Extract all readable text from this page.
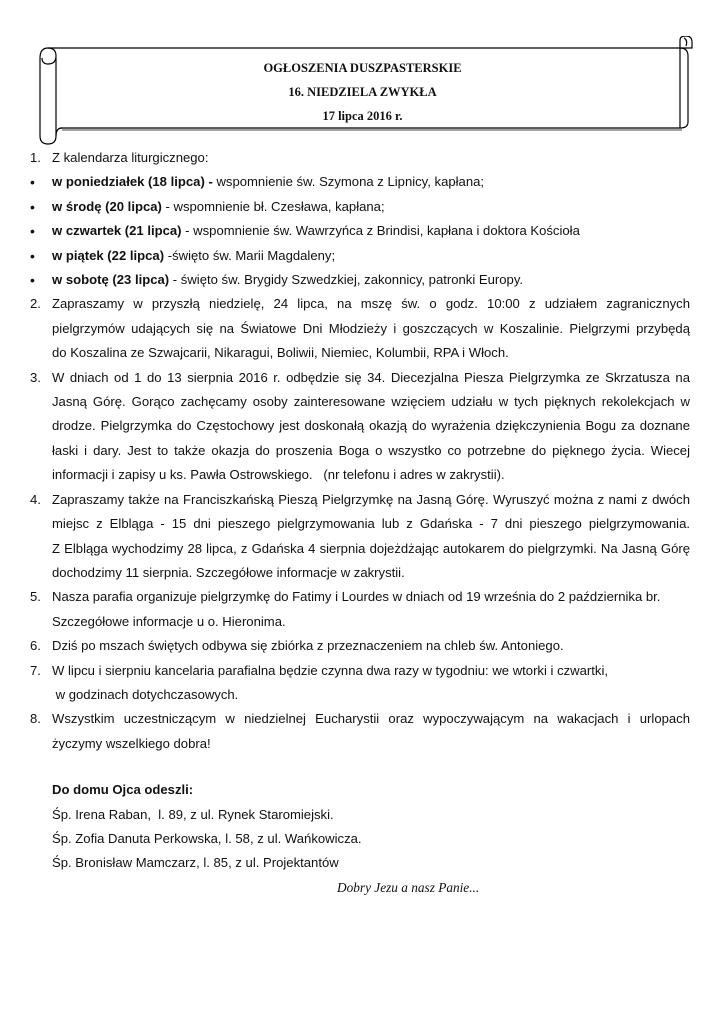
OGŁOSZENIA DUSZPASTERSKIE
16. NIEDZIELA ZWYKŁA
17 lipca 2016 r.
1. Z kalendarza liturgicznego:
•	w poniedziałek (18 lipca) - wspomnienie św. Szymona z Lipnicy, kapłana;
•	w środę (20 lipca) - wspomnienie bł. Czesława, kapłana;
•	w czwartek (21 lipca) - wspomnienie św. Wawrzyńca z Brindisi, kapłana i doktora Kościoła
•	w piątek (22 lipca) -święto św. Marii Magdaleny;
•	w sobotę (23 lipca) - święto św. Brygidy Szwedzkiej, zakonnicy, patronki Europy.
2. Zapraszamy w przyszłą niedzielę, 24 lipca, na mszę św. o godz. 10:00 z udziałem zagranicznych
pielgrzymów udających się na Światowe Dni Młodzieży i goszczących w Koszalinie. Pielgrzymi przybędą
do Koszalina ze Szwajcarii, Nikaragui, Boliwii, Niemiec, Kolumbii, RPA i Włoch.
3. W dniach od 1 do 13 sierpnia 2016 r. odbędzie się 34. Diecezjalna Piesza Pielgrzymka ze Skrzatusza na
Jasną Górę. Gorąco zachęcamy osoby zainteresowane wzięciem udziału w tych pięknych rekolekcjach w
drodze. Pielgrzymka do Częstochowy jest doskonałą okazją do wyrażenia dziękczynienia Bogu za doznane
łaski i dary. Jest to także okazja do proszenia Boga o wszystko co potrzebne do pięknego życia. Wiecej
informacji i zapisy u ks. Pawła Ostrowskiego.   (nr telefonu i adres w zakrystii).
4. Zapraszamy także na Franciszkańską Pieszą Pielgrzymkę na Jasną Górę. Wyruszyć można z nami z dwóch
miejsc z Elbląga - 15 dni pieszego pielgrzymowania lub z Gdańska - 7 dni pieszego pielgrzymowania.
Z Elbląga wychodzimy 28 lipca, z Gdańska 4 sierpnia dojeżdżając autokarem do pielgrzymki. Na Jasną Górę
dochodzimy 11 sierpnia. Szczegółowe informacje w zakrystii.
5. Nasza parafia organizuje pielgrzymkę do Fatimy i Lourdes w dniach od 19 września do 2 października br.
Szczegółowe informacje u o. Hieronima.
6. Dziś po mszach świętych odbywa się zbiórka z przeznaczeniem na chleb św. Antoniego.
7. W lipcu i sierpniu kancelaria parafialna będzie czynna dwa razy w tygodniu: we wtorki i czwartki,
w godzinach dotychczasowych.
8. Wszystkim uczestniczącym w niedzielnej Eucharystii oraz wypoczywającym na wakacjach i urlopach
życzymy wszelkiego dobra!
Do domu Ojca odeszli:
Śp. Irena Raban,  l. 89, z ul. Rynek Staromiejski.
Śp. Zofia Danuta Perkowska, l. 58, z ul. Wańkowicza.
Śp. Bronisław Mamczarz, l. 85, z ul. Projektantów
Dobry Jezu a nasz Panie...
